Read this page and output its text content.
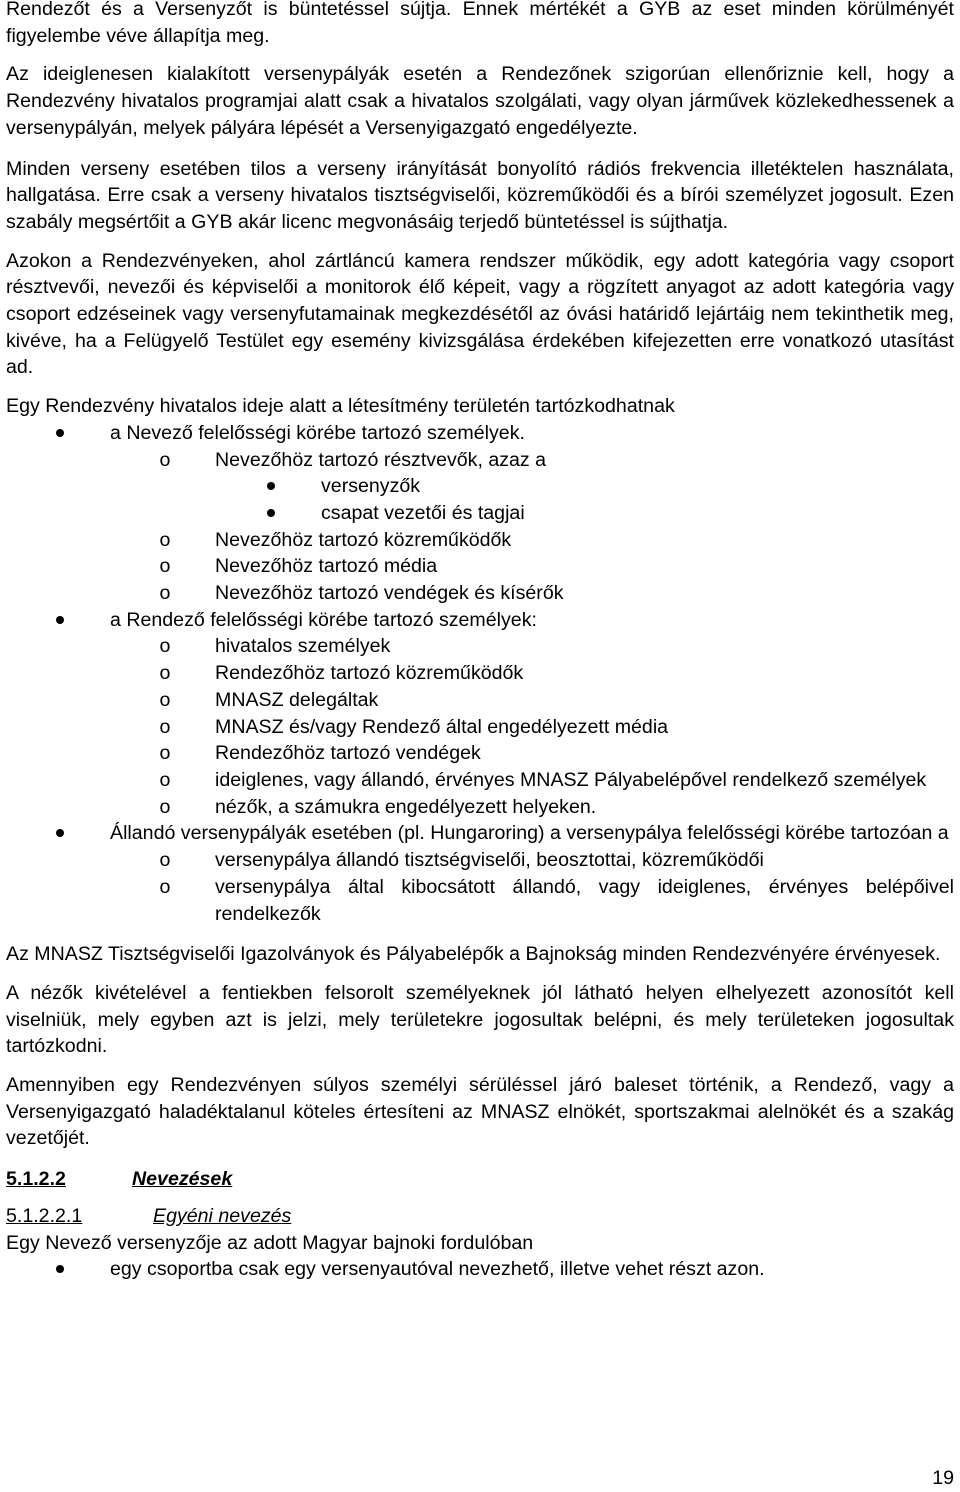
Rendezőt és a Versenyzőt is büntetéssel sújtja. Ennek mértékét a GYB az eset minden körülményét figyelembe véve állapítja meg.

Az ideiglenesen kialakított versenypályák esetén a Rendezőnek szigorúan ellenőriznie kell, hogy a Rendezvény hivatalos programjai alatt csak a hivatalos szolgálati, vagy olyan járművek közlekedhessenek a versenypályán, melyek pályára lépését a Versenyigazgató engedélyezte.

Minden verseny esetében tilos a verseny irányítását bonyolító rádiós frekvencia illetéktelen használata, hallgatása. Erre csak a verseny hivatalos tisztségviselői, közreműködői és a bírói személyzet jogosult. Ezen szabály megsértőit a GYB akár licenc megvonásáig terjedő büntetéssel is sújthatja.

Azokon a Rendezvényeken, ahol zártláncú kamera rendszer működik, egy adott kategória vagy csoport résztvevői, nevezői és képviselői a monitorok élő képeit, vagy a rögzített anyagot az adott kategória vagy csoport edzéseinek vagy versenyfutamainak megkezdésétől az óvási határidő lejártáig nem tekinthetik meg, kivéve, ha a Felügyelő Testület egy esemény kivizsgálása érdekében kifejezetten erre vonatkozó utasítást ad.

Egy Rendezvény hivatalos ideje alatt a létesítmény területén tartózkodhatnak

a Nevező felelősségi körébe tartozó személyek.
o Nevezőhöz tartozó résztvevők, azaz a
versenyzők
csapat vezetői és tagjai
o Nevezőhöz tartozó közreműködők
o Nevezőhöz tartozó média
o Nevezőhöz tartozó vendégek és kísérők
a Rendező felelősségi körébe tartozó személyek:
o hivatalos személyek
o Rendezőhöz tartozó közreműködők
o MNASZ delegáltak
o MNASZ és/vagy Rendező által engedélyezett média
o Rendezőhöz tartozó vendégek
o ideiglenes, vagy állandó, érvényes MNASZ Pályabelépővel rendelkező személyek

o nézők, a számukra engedélyezett helyeken.

Állandó versenypályák esetében (pl. Hungaroring) a versenypálya felelősségi körébe tartozóan a

o versenypálya állandó tisztségviselői, beosztottai, közreműködői
o versenypálya által kibocsátott állandó, vagy ideiglenes, érvényes belépőivel rendelkezők

Az MNASZ Tisztségviselői Igazolványok és Pályabelépők a Bajnokság minden Rendezvényére érvényesek.

A nézők kivételével a fentiekben felsorolt személyeknek jól látható helyen elhelyezett azonosítót kell viselniük, mely egyben azt is jelzi, mely területekre jogosultak belépni, és mely területeken jogosultak tartózkodni.

Amennyiben egy Rendezvényen súlyos személyi sérüléssel járó baleset történik, a Rendező, vagy a Versenyigazgató haladéktalanul köteles értesíteni az MNASZ elnökét, sportszakmai alelnökét és a szakág vezetőjét.

5.1.2.2	Nevezések
5.1.2.2.1	Egyéni nevezés

Egy Nevező versenyzője az adott Magyar bajnoki fordulóban

egy csoportba csak egy versenyautóval nevezhető, illetve vehet részt azon.
19
